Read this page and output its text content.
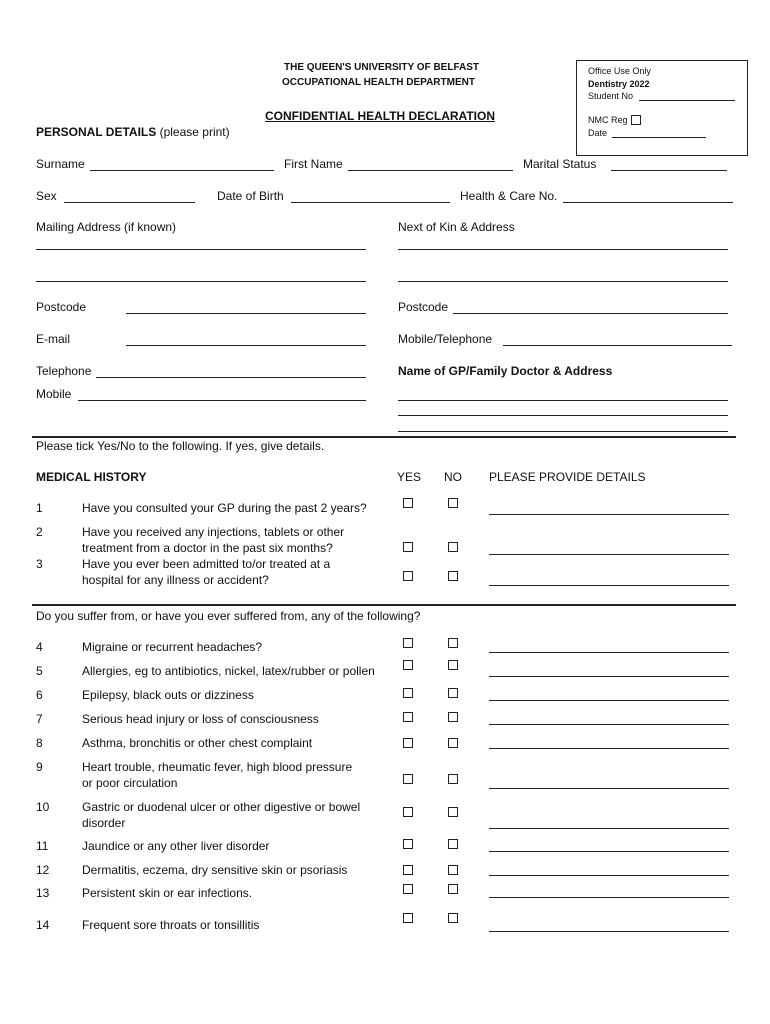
THE QUEEN'S UNIVERSITY OF BELFAST
OCCUPATIONAL HEALTH DEPARTMENT
CONFIDENTIAL HEALTH DECLARATION
Office Use Only
Dentistry 2022
Student No
NMC Reg
Date
PERSONAL DETAILS (please print)
Surname	First Name	Marital Status
Sex	Date of Birth	Health & Care No.
Mailing Address (if known)	Next of Kin & Address
Postcode	Postcode
E-mail	Mobile/Telephone
Telephone	Name of GP/Family Doctor & Address
Mobile
Please tick Yes/No to the following. If yes, give details.
MEDICAL HISTORY	YES NO PLEASE PROVIDE DETAILS
1	Have you consulted your GP during the past 2 years?
2	Have you received any injections, tablets or other
treatment from a doctor in the past six months?
3	Have you ever been admitted to/or treated at a
hospital for any illness or accident?
Do you suffer from, or have you ever suffered from, any of the following?
4	Migraine or recurrent headaches?
5	Allergies, eg to antibiotics, nickel, latex/rubber or pollen
6	Epilepsy, black outs or dizziness
7	Serious head injury or loss of consciousness
8	Asthma, bronchitis or other chest complaint
9	Heart trouble, rheumatic fever, high blood pressure
or poor circulation
10	Gastric or duodenal ulcer or other digestive or bowel
disorder
11	Jaundice or any other liver disorder
12	Dermatitis, eczema, dry sensitive skin or psoriasis
13	Persistent skin or ear infections.
14	Frequent sore throats or tonsillitis
